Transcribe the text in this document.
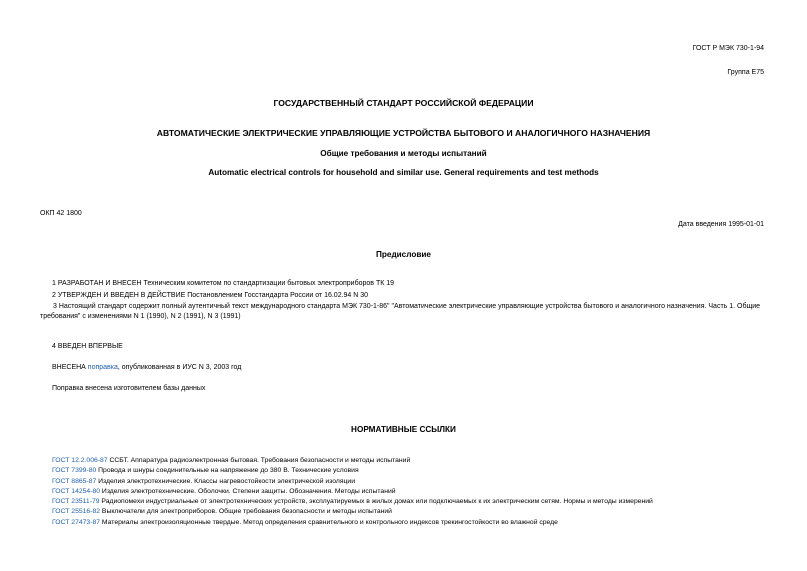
ГОСТ Р МЭК 730-1-94

Группа Е75

ГОСУДАРСТВЕННЫЙ СТАНДАРТ РОССИЙСКОЙ ФЕДЕРАЦИИ

АВТОМАТИЧЕСКИЕ ЭЛЕКТРИЧЕСКИЕ УПРАВЛЯЮЩИЕ УСТРОЙСТВА БЫТОВОГО И АНАЛОГИЧНОГО НАЗНАЧЕНИЯ

Общие требования и методы испытаний

Automatic electrical controls for household and similar use. General requirements and test methods

ОКП 42 1800

Дата введения 1995-01-01

Предисловие

1 РАЗРАБОТАН И ВНЕСЕН Техническим комитетом по стандартизации бытовых электроприборов ТК 19

2 УТВЕРЖДЕН И ВВЕДЕН В ДЕЙСТВИЕ Постановлением Госстандарта России от 16.02.94 N 30

3 Настоящий стандарт содержит полный аутентичный текст международного стандарта МЭК 730-1-86" "Автоматические электрические управляющие устройства бытового и аналогичного назначения. Часть 1. Общие требования" с изменениями N 1 (1990), N 2 (1991), N 3 (1991)

4 ВВЕДЕН ВПЕРВЫЕ

ВНЕСЕНА поправка, опубликованная в ИУС N 3, 2003 год

Поправка внесена изготовителем базы данных

НОРМАТИВНЫЕ ССЫЛКИ

ГОСТ 12.2.006-87 ССБТ. Аппаратура радиоэлектронная бытовая. Требования безопасности и методы испытаний
ГОСТ 7399-80 Провода и шнуры соединительные на напряжение до 380 В. Технические условия
ГОСТ 8865-87 Изделия электротехнические. Классы нагревостойкости электрической изоляции
ГОСТ 14254-80 Изделия электротехнические. Оболочки. Степени защиты. Обозначения. Методы испытаний
ГОСТ 23511-79 Радиопомехи индустриальные от электротехнических устройств, эксплуатируемых в жилых домах или подключаемых к их электрическим сетям. Нормы и методы измерений
ГОСТ 25516-82 Выключатели для электроприборов. Общие требования безопасности и методы испытаний
ГОСТ 27473-87 Материалы электроизоляционные твердые. Метод определения сравнительного и контрольного индексов трекингостойкости во влажной среде
